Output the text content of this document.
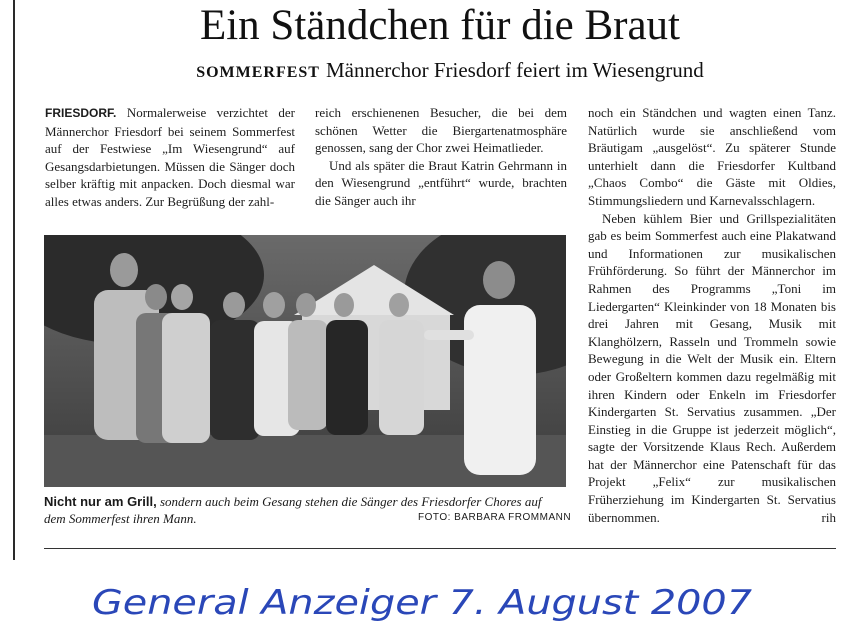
Ein Ständchen für die Braut
SOMMERFEST Männerchor Friesdorf feiert im Wiesengrund

FRIESDORF. Normalerweise verzichtet der Männerchor Friesdorf bei seinem Sommerfest auf der Festwiese „Im Wiesengrund“ auf Gesangsdarbietungen. Müssen die Sänger doch selber kräftig mit anpacken. Doch diesmal war alles etwas anders. Zur Begrüßung der zahl-

reich erschienenen Besucher, die bei dem schönen Wetter die Biergartenatmosphäre genossen, sang der Chor zwei Heimatlieder.

Und als später die Braut Katrin Gehrmann in den Wiesengrund „entführt“ wurde, brachten die Sänger auch ihr

noch ein Ständchen und wagten einen Tanz. Natürlich wurde sie anschließend vom Bräutigam „ausgelöst“. Zu späterer Stunde unterhielt dann die Friesdorfer Kultband „Chaos Combo“ die Gäste mit Oldies, Stimmungsliedern und Karnevalsschlagern.

Neben kühlem Bier und Grillspezialitäten gab es beim Sommerfest auch eine Plakatwand und Informationen zur musikalischen Frühförderung. So führt der Männerchor im Rahmen des Programms „Toni im Liedergarten“ Kleinkinder von 18 Monaten bis drei Jahren mit Gesang, Musik mit Klanghölzern, Rasseln und Trommeln sowie Bewegung in die Welt der Musik ein. Eltern oder Großeltern kommen dazu regelmäßig mit ihren Kindern oder Enkeln im Friesdorfer Kindergarten St. Servatius zusammen. „Der Einstieg in die Gruppe ist jederzeit möglich“, sagte der Vorsitzende Klaus Rech. Außerdem hat der Männerchor eine Patenschaft für das Projekt „Felix“ zur musikalischen Früherziehung im Kindergarten St. Servatius übernommen.	rih

Nicht nur am Grill, sondern auch beim Gesang stehen die Sänger des Friesdorfer Chores auf dem Sommerfest ihren Mann.	FOTO: BARBARA FROMMANN
General Anzeiger 7. August 2007
